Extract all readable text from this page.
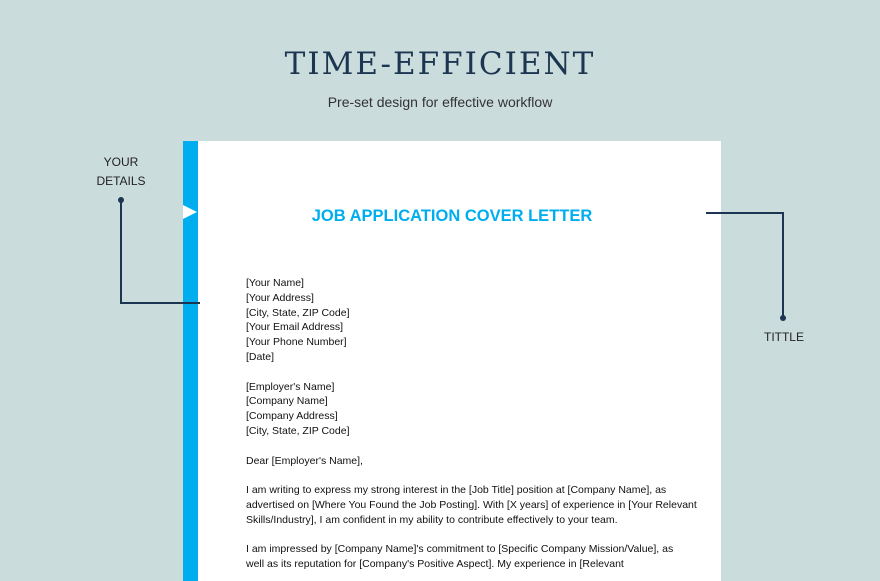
TIME-EFFICIENT
Pre-set design for effective workflow
JOB APPLICATION COVER LETTER
[Your Name]
[Your Address]
[City, State, ZIP Code]
[Your Email Address]
[Your Phone Number]
[Date]
[Employer's Name]
[Company Name]
[Company Address]
[City, State, ZIP Code]
Dear [Employer's Name],
I am writing to express my strong interest in the [Job Title] position at [Company Name], as
advertised on [Where You Found the Job Posting]. With [X years] of experience in [Your Relevant
Skills/Industry], I am confident in my ability to contribute effectively to your team.
I am impressed by [Company Name]'s commitment to [Specific Company Mission/Value], as
well as its reputation for [Company's Positive Aspect]. My experience in [Relevant
YOUR
DETAILS
TITTLE
